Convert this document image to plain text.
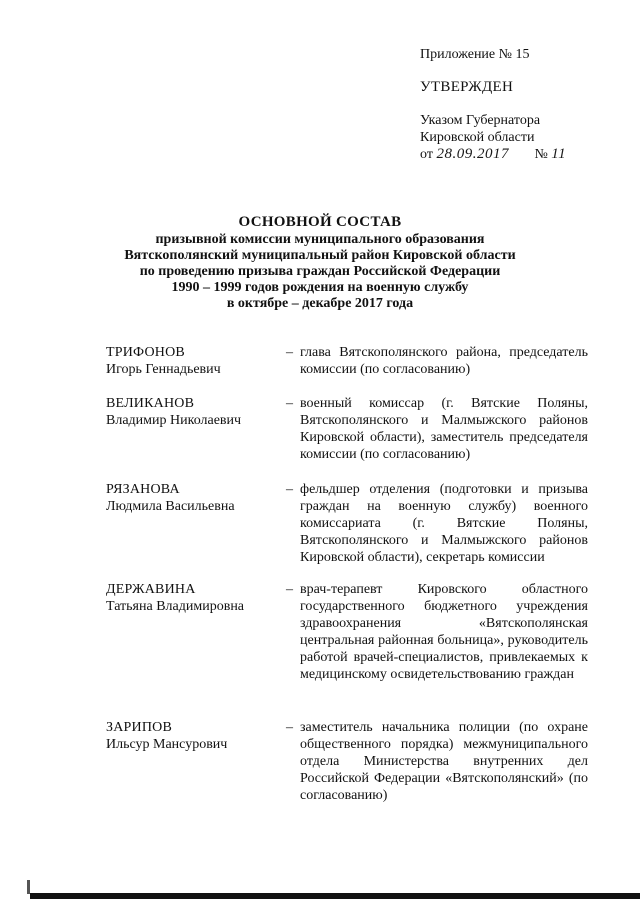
Приложение № 15
УТВЕРЖДЕН
Указом Губернатора
Кировской области
от 28.09.2017 № 11
ОСНОВНОЙ СОСТАВ
призывной комиссии муниципального образования
Вятскополянский муниципальный район Кировской области
по проведению призыва граждан Российской Федерации
1990 – 1999 годов рождения на военную службу
в октябре – декабре 2017 года
ТРИФОНОВ
Игорь Геннадьевич
– глава Вятскополянского района, председатель комиссии (по согласованию)
ВЕЛИКАНОВ
Владимир Николаевич
– военный комиссар (г. Вятские Поляны, Вятскополянского и Малмыжского районов Кировской области), заместитель председателя комиссии (по согласованию)
РЯЗАНОВА
Людмила Васильевна
– фельдшер отделения (подготовки и призыва граждан на военную службу) военного комиссариата (г. Вятские Поляны, Вятскополянского и Малмыжского районов Кировской области), секретарь комиссии
ДЕРЖАВИНА
Татьяна Владимировна
– врач-терапевт Кировского областного государственного бюджетного учреждения здравоохранения «Вятскополянская центральная районная больница», руководитель работой врачей-специалистов, привлекаемых к медицинскому освидетельствованию граждан
ЗАРИПОВ
Ильсур Мансурович
– заместитель начальника полиции (по охране общественного порядка) межмуниципального отдела Министерства внутренних дел Российской Федерации «Вятскополянский» (по согласованию)
